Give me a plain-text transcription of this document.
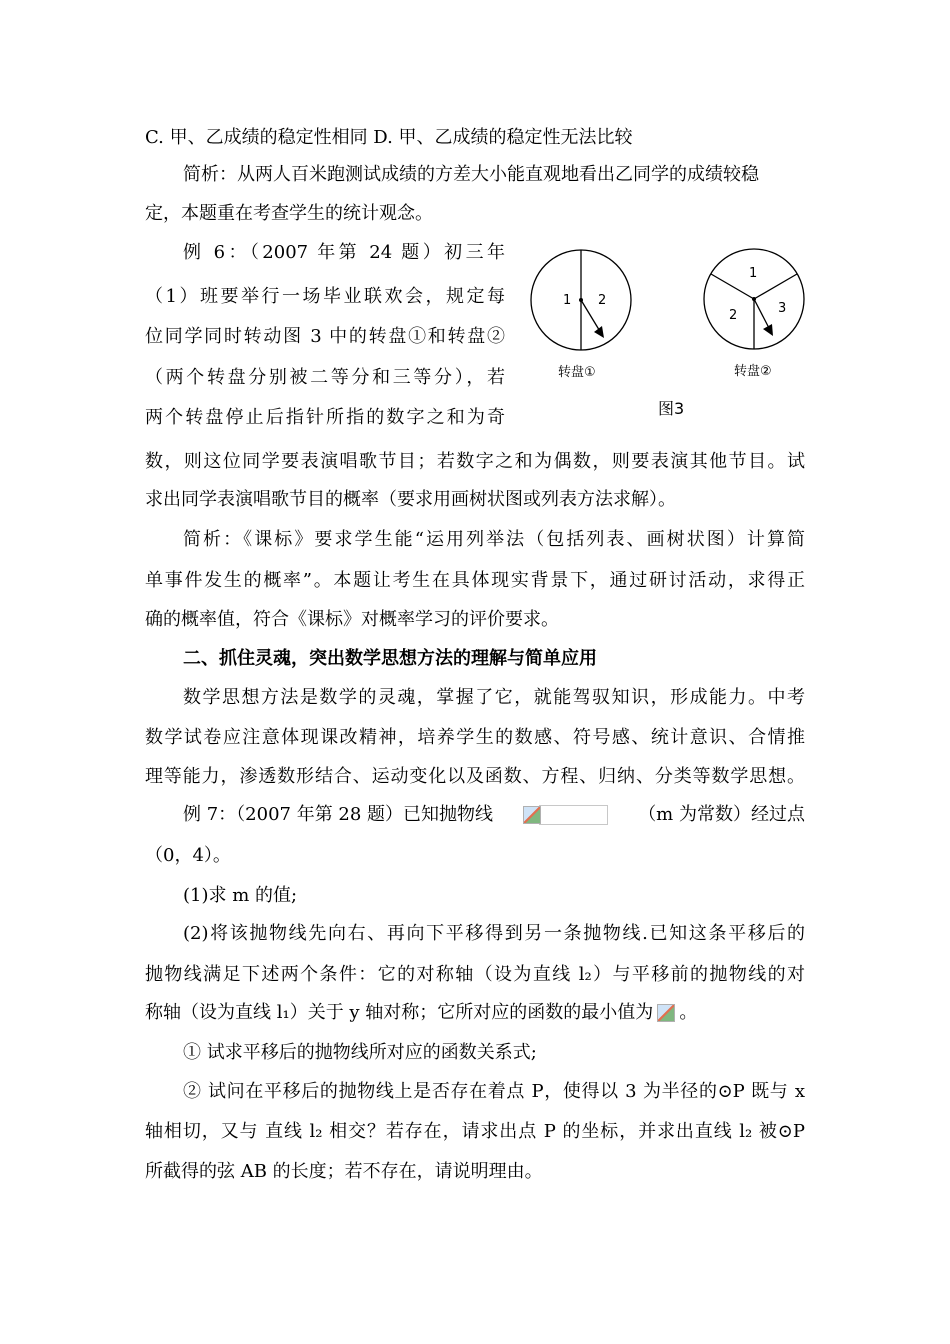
C. 甲、乙成绩的稳定性相同 D. 甲、乙成绩的稳定性无法比较
简析：从两人百米跑测试成绩的方差大小能直观地看出乙同学的成绩较稳
定，本题重在考查学生的统计观念。
例 6：（2007 年第 24 题）初三年
（1）班要举行一场毕业联欢会，规定每
位同学同时转动图 3 中的转盘①和转盘②
（两个转盘分别被二等分和三等分），若
两个转盘停止后指针所指的数字之和为奇
数，则这位同学要表演唱歌节目；若数字之和为偶数，则要表演其他节目。试
求出同学表演唱歌节目的概率（要求用画树状图或列表方法求解）。
简析：《课标》要求学生能“运用列举法（包括列表、画树状图）计算简
单事件发生的概率”。本题让考生在具体现实背景下，通过研讨活动，求得正
确的概率值，符合《课标》对概率学习的评价要求。
二、抓住灵魂，突出数学思想方法的理解与简单应用
数学思想方法是数学的灵魂，掌握了它，就能驾驭知识，形成能力。中考
数学试卷应注意体现课改精神，培养学生的数感、符号感、统计意识、合情推
理等能力，渗透数形结合、运动变化以及函数、方程、归纳、分类等数学思想。
例 7：（2007 年第 28 题）已知抛物线	（m 为常数）经过点
（0，4）。
(1)求 m 的值;
(2)将该抛物线先向右、再向下平移得到另一条抛物线.已知这条平移后的
抛物线满足下述两个条件：它的对称轴（设为直线 l₂）与平移前的抛物线的对
称轴（设为直线 l₁）关于 y 轴对称；它所对应的函数的最小值为 。
① 试求平移后的抛物线所对应的函数关系式;
② 试问在平移后的抛物线上是否存在着点 P，使得以 3 为半径的⊙P 既与 x
轴相切，又与 直线 l₂ 相交？若存在，请求出点 P 的坐标，并求出直线 l₂ 被⊙P
所截得的弦 AB 的长度；若不存在，请说明理由。
1 2
转盘①
1
2	3
转盘②
图3
